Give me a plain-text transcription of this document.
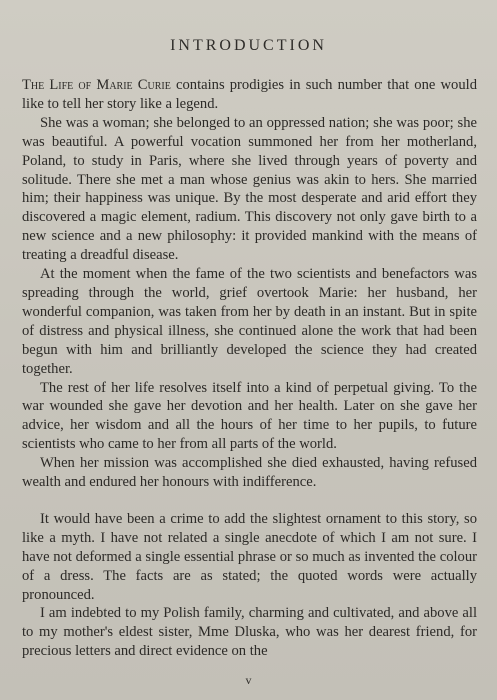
INTRODUCTION

The Life of Marie Curie contains prodigies in such number that one would like to tell her story like a legend.

She was a woman; she belonged to an oppressed nation; she was poor; she was beautiful. A powerful vocation summoned her from her motherland, Poland, to study in Paris, where she lived through years of poverty and solitude. There she met a man whose genius was akin to hers. She married him; their happiness was unique. By the most desperate and arid effort they discovered a magic element, radium. This discovery not only gave birth to a new science and a new philosophy: it provided mankind with the means of treating a dreadful disease.

At the moment when the fame of the two scientists and benefactors was spreading through the world, grief overtook Marie: her husband, her wonderful companion, was taken from her by death in an instant. But in spite of distress and physical illness, she continued alone the work that had been begun with him and brilliantly developed the science they had created together.

The rest of her life resolves itself into a kind of perpetual giving. To the war wounded she gave her devotion and her health. Later on she gave her advice, her wisdom and all the hours of her time to her pupils, to future scientists who came to her from all parts of the world.

When her mission was accomplished she died exhausted, having refused wealth and endured her honours with indifference.

It would have been a crime to add the slightest ornament to this story, so like a myth. I have not related a single anecdote of which I am not sure. I have not deformed a single essential phrase or so much as invented the colour of a dress. The facts are as stated; the quoted words were actually pronounced.

I am indebted to my Polish family, charming and cultivated, and above all to my mother's eldest sister, Mme Dluska, who was her dearest friend, for precious letters and direct evidence on the

v
